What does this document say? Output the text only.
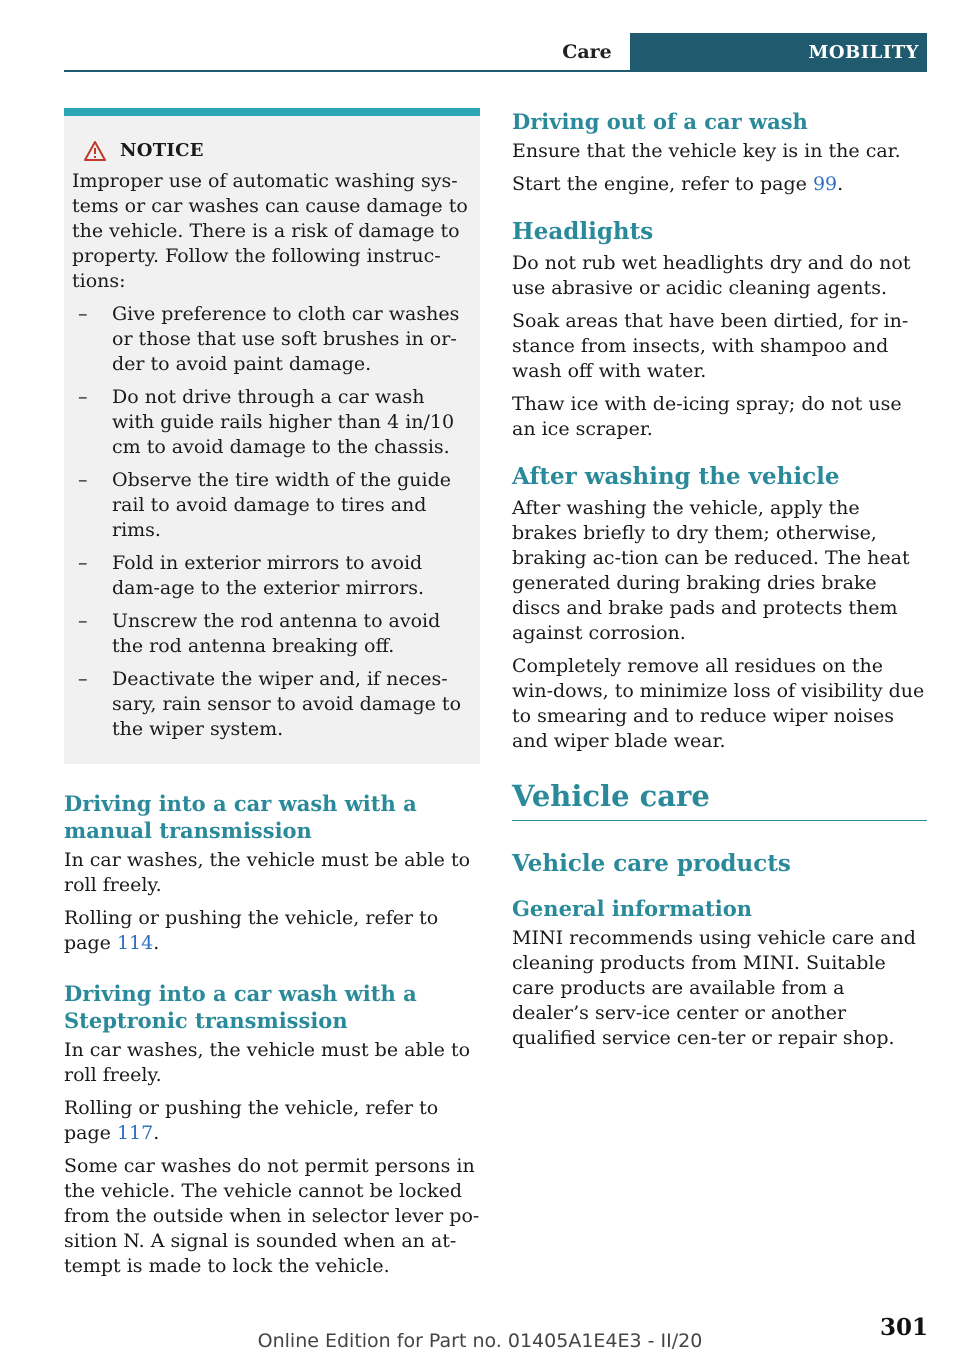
Care	MOBILITY
NOTICE

Improper use of automatic washing sys-tems or car washes can cause damage to the vehicle. There is a risk of damage to property. Follow the following instruc-tions:

– Give preference to cloth car washes or those that use soft brushes in or-der to avoid paint damage.
– Do not drive through a car wash with guide rails higher than 4 in/10 cm to avoid damage to the chassis.
– Observe the tire width of the guide rail to avoid damage to tires and rims.
– Fold in exterior mirrors to avoid dam-age to the exterior mirrors.
– Unscrew the rod antenna to avoid the rod antenna breaking off.
– Deactivate the wiper and, if neces-sary, rain sensor to avoid damage to the wiper system.
Driving into a car wash with a manual transmission

In car washes, the vehicle must be able to roll freely.

Rolling or pushing the vehicle, refer to page 114.

Driving into a car wash with a Steptronic transmission

In car washes, the vehicle must be able to roll freely.

Rolling or pushing the vehicle, refer to page 117.

Some car washes do not permit persons in the vehicle. The vehicle cannot be locked from the outside when in selector lever po-sition N. A signal is sounded when an at-tempt is made to lock the vehicle.

Driving out of a car wash

Ensure that the vehicle key is in the car.

Start the engine, refer to page 99.

Headlights

Do not rub wet headlights dry and do not use abrasive or acidic cleaning agents.

Soak areas that have been dirtied, for in-stance from insects, with shampoo and wash off with water.

Thaw ice with de-icing spray; do not use an ice scraper.

After washing the vehicle

After washing the vehicle, apply the brakes briefly to dry them; otherwise, braking ac-tion can be reduced. The heat generated during braking dries brake discs and brake pads and protects them against corrosion.

Completely remove all residues on the win-dows, to minimize loss of visibility due to smearing and to reduce wiper noises and wiper blade wear.

Vehicle care
Vehicle care products
General information

MINI recommends using vehicle care and cleaning products from MINI. Suitable care products are available from a dealer’s serv-ice center or another qualified service cen-ter or repair shop.

301
Online Edition for Part no. 01405A1E4E3 - II/20
